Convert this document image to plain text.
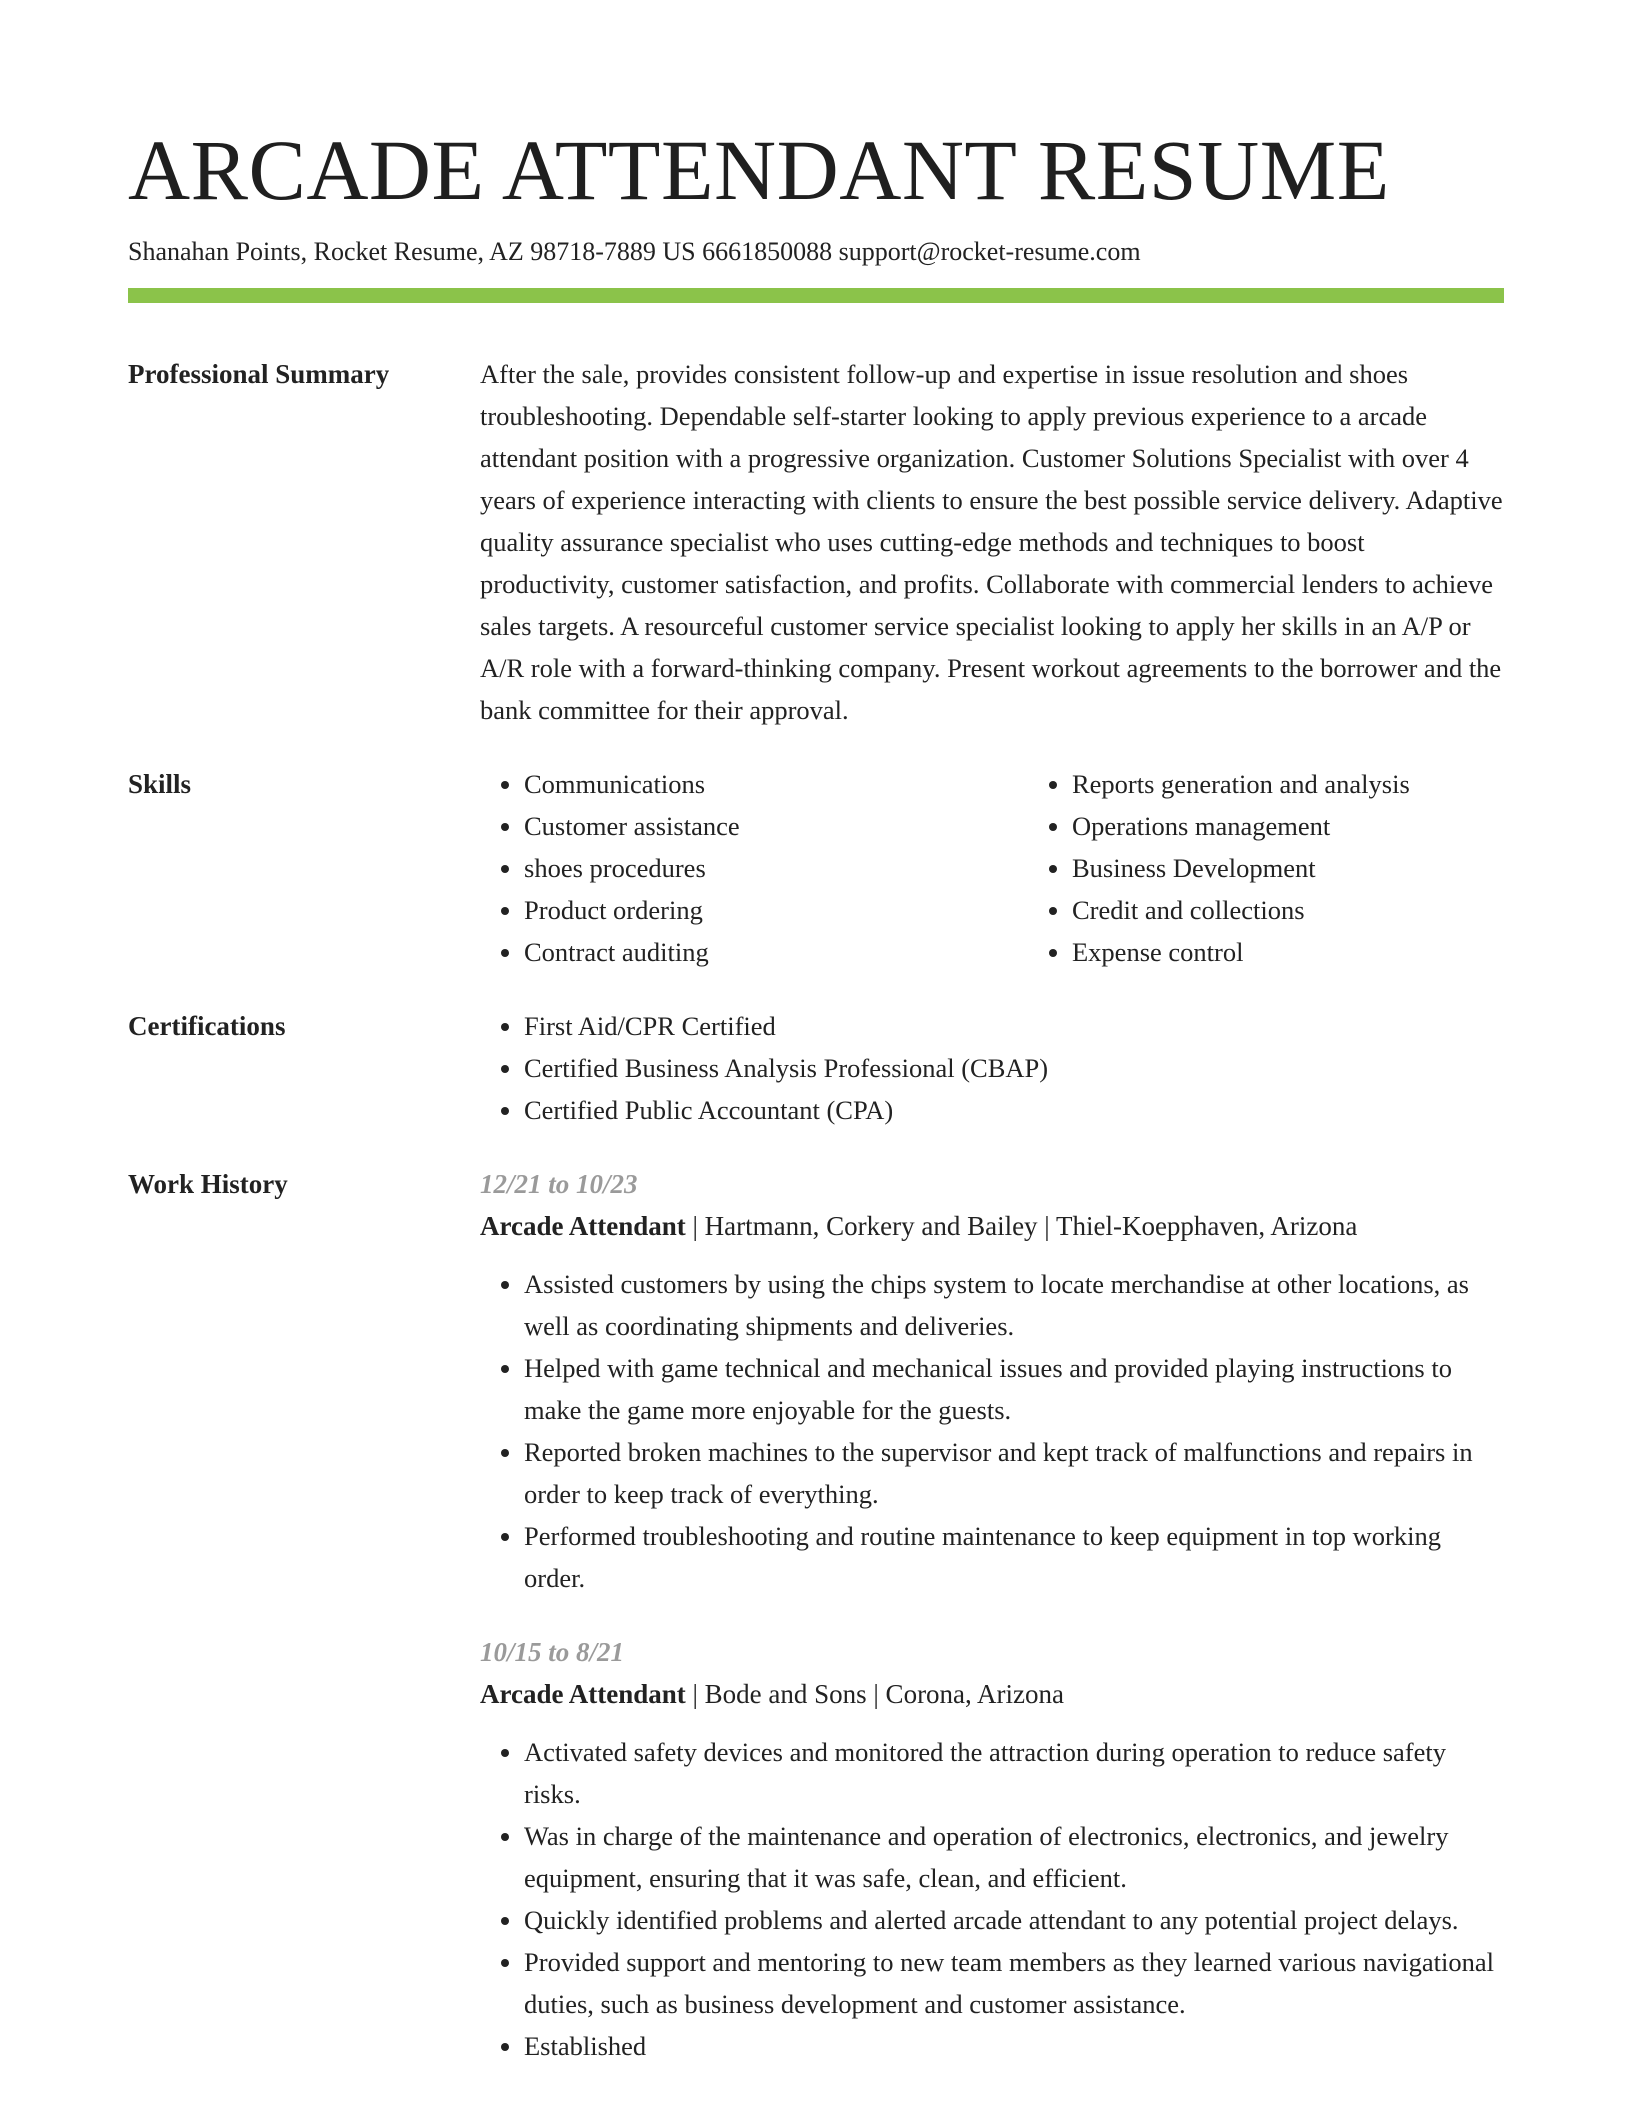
ARCADE ATTENDANT RESUME
Shanahan Points, Rocket Resume, AZ 98718-7889 US 6661850088 support@rocket-resume.com
Professional Summary	After the sale, provides consistent follow-up and expertise in issue resolution and shoes troubleshooting. Dependable self-starter looking to apply previous experience to a arcade attendant position with a progressive organization. Customer Solutions Specialist with over 4 years of experience interacting with clients to ensure the best possible service delivery. Adaptive quality assurance specialist who uses cutting-edge methods and techniques to boost productivity, customer satisfaction, and profits. Collaborate with commercial lenders to achieve sales targets. A resourceful customer service specialist looking to apply her skills in an A/P or A/R role with a forward-thinking company. Present workout agreements to the borrower and the bank committee for their approval.
Skills	• Communications
• Customer assistance
• shoes procedures
• Product ordering
• Contract auditing
• Reports generation and analysis
• Operations management
• Business Development
• Credit and collections
• Expense control
Certifications	• First Aid/CPR Certified
• Certified Business Analysis Professional (CBAP)
• Certified Public Accountant (CPA)
Work History	12/21 to 10/23
Arcade Attendant | Hartmann, Corkery and Bailey | Thiel-Koepphaven, Arizona
• Assisted customers by using the chips system to locate merchandise at other locations, as well as coordinating shipments and deliveries.
• Helped with game technical and mechanical issues and provided playing instructions to make the game more enjoyable for the guests.
• Reported broken machines to the supervisor and kept track of malfunctions and repairs in order to keep track of everything.
• Performed troubleshooting and routine maintenance to keep equipment in top working order.
10/15 to 8/21
Arcade Attendant | Bode and Sons | Corona, Arizona
• Activated safety devices and monitored the attraction during operation to reduce safety risks.
• Was in charge of the maintenance and operation of electronics, electronics, and jewelry equipment, ensuring that it was safe, clean, and efficient.
• Quickly identified problems and alerted arcade attendant to any potential project delays.
• Provided support and mentoring to new team members as they learned various navigational duties, such as business development and customer assistance.
• Established
